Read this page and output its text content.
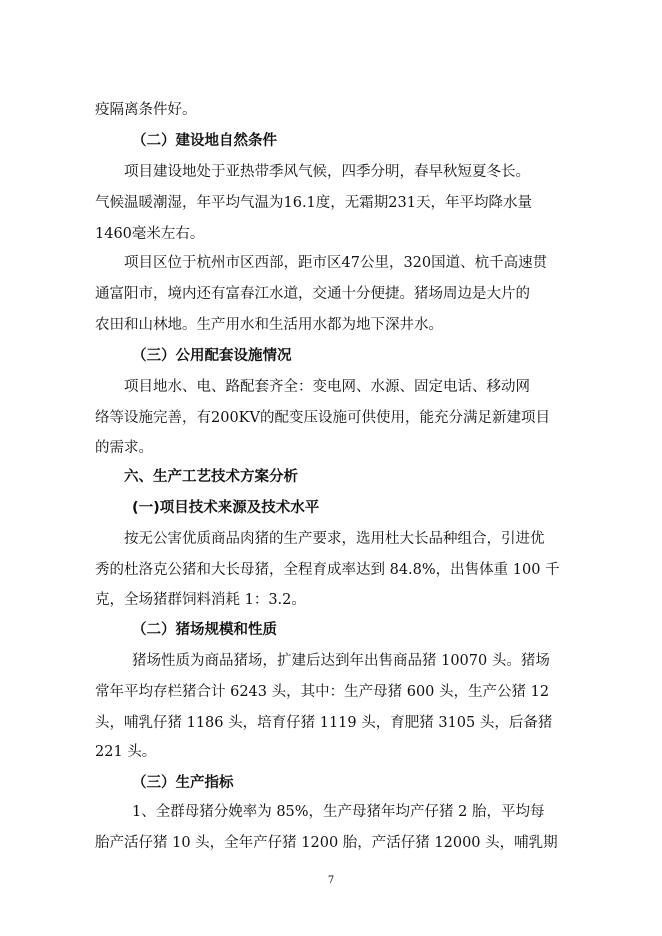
疫隔离条件好。
（二）建设地自然条件
项目建设地处于亚热带季风气候，四季分明，春早秋短夏冬长。
气候温暖潮湿，年平均气温为16.1度，无霜期231天，年平均降水量
1460毫米左右。
项目区位于杭州市区西部，距市区47公里，320国道、杭千高速贯
通富阳市，境内还有富春江水道，交通十分便捷。猪场周边是大片的
农田和山林地。生产用水和生活用水都为地下深井水。
（三）公用配套设施情况
项目地水、电、路配套齐全：变电网、水源、固定电话、移动网
络等设施完善，有200KV的配变压设施可供使用，能充分满足新建项目
的需求。
六、生产工艺技术方案分析
(一)项目技术来源及技术水平
按无公害优质商品肉猪的生产要求，选用杜大长品种组合，引进优
秀的杜洛克公猪和大长母猪，全程育成率达到 84.8%，出售体重 100 千
克，全场猪群饲料消耗 1：3.2。
（二）猪场规模和性质
猪场性质为商品猪场，扩建后达到年出售商品猪 10070 头。猪场
常年平均存栏猪合计 6243 头，其中：生产母猪 600 头，生产公猪 12
头，哺乳仔猪 1186 头，培育仔猪 1119 头，育肥猪 3105 头，后备猪
221 头。
（三）生产指标
1、全群母猪分娩率为 85%，生产母猪年均产仔猪 2 胎，平均每
胎产活仔猪 10 头，全年产仔猪 1200 胎，产活仔猪 12000 头，哺乳期
7
